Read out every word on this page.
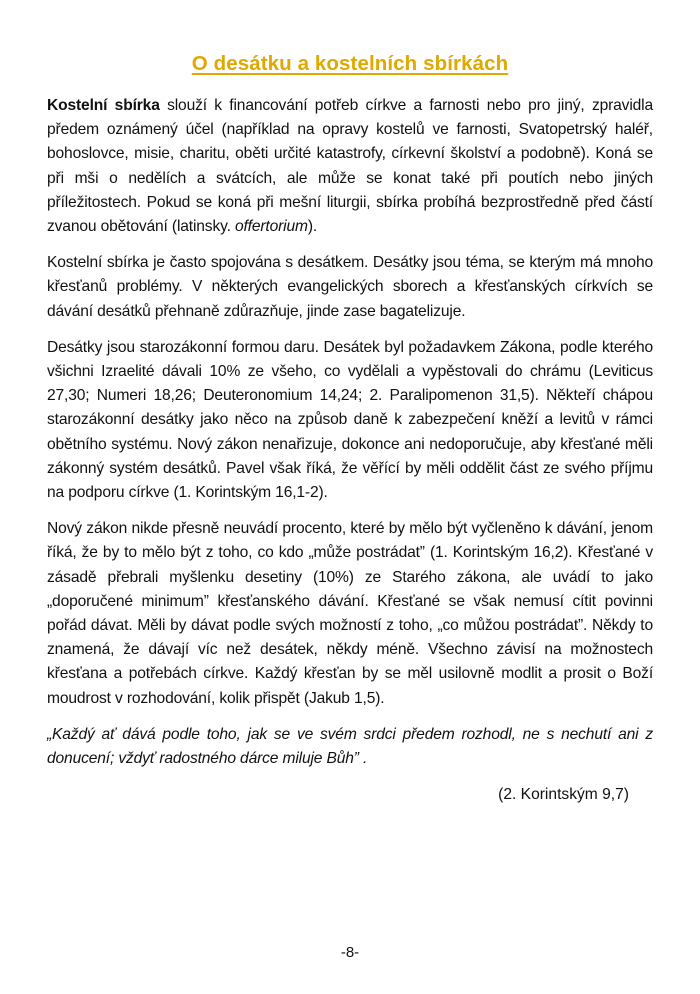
O desátku a kostelních sbírkách

Kostelní sbírka slouží k financování potřeb církve a farnosti nebo pro jiný, zpravidla předem oznámený účel (například na opravy kostelů ve farnosti, Svatopetrský haléř, bohoslovce, misie, charitu, oběti určité katastrofy, církevní školství a podobně). Koná se při mši o nedělích a svátcích, ale může se konat také při poutích nebo jiných příležitostech. Pokud se koná při mešní liturgii, sbírka probíhá bezprostředně před částí zvanou obětování (latinsky. offertorium).

Kostelní sbírka je často spojována s desátkem. Desátky jsou téma, se kterým má mnoho křesťanů problémy. V některých evangelických sborech a křesťanských církvích se dávání desátků přehnaně zdůrazňuje, jinde zase bagatelizuje.

Desátky jsou starozákonní formou daru. Desátek byl požadavkem Zákona, podle kterého všichni Izraelité dávali 10% ze všeho, co vydělali a vypěstovali do chrámu (Leviticus 27,30; Numeri 18,26; Deuteronomium 14,24; 2. Paralipomenon 31,5). Někteří chápou starozákonní desátky jako něco na způsob daně k zabezpečení kněží a levitů v rámci obětního systému. Nový zákon nenařizuje, dokonce ani nedoporučuje, aby křesťané měli zákonný systém desátků. Pavel však říká, že věřící by měli oddělit část ze svého příjmu na podporu církve (1. Korintským 16,1-2).

Nový zákon nikde přesně neuvádí procento, které by mělo být vyčleněno k dávání, jenom říká, že by to mělo být z toho, co kdo „může postrádat” (1. Korintským 16,2). Křesťané v zásadě přebrali myšlenku desetiny (10%) ze Starého zákona, ale uvádí to jako „doporučené minimum” křesťanského dávání. Křesťané se však nemusí cítit povinni pořád dávat. Měli by dávat podle svých možností z toho, „co můžou postrádat”. Někdy to znamená, že dávají víc než desátek, někdy méně. Všechno závisí na možnostech křesťana a potřebách církve. Každý křesťan by se měl usilovně modlit a prosit o Boží moudrost v rozhodování, kolik přispět (Jakub 1,5).

„Každý ať dává podle toho, jak se ve svém srdci předem rozhodl, ne s nechutí ani z donucení; vždyť radostného dárce miluje Bůh” .

(2. Korintským 9,7)
-8-
